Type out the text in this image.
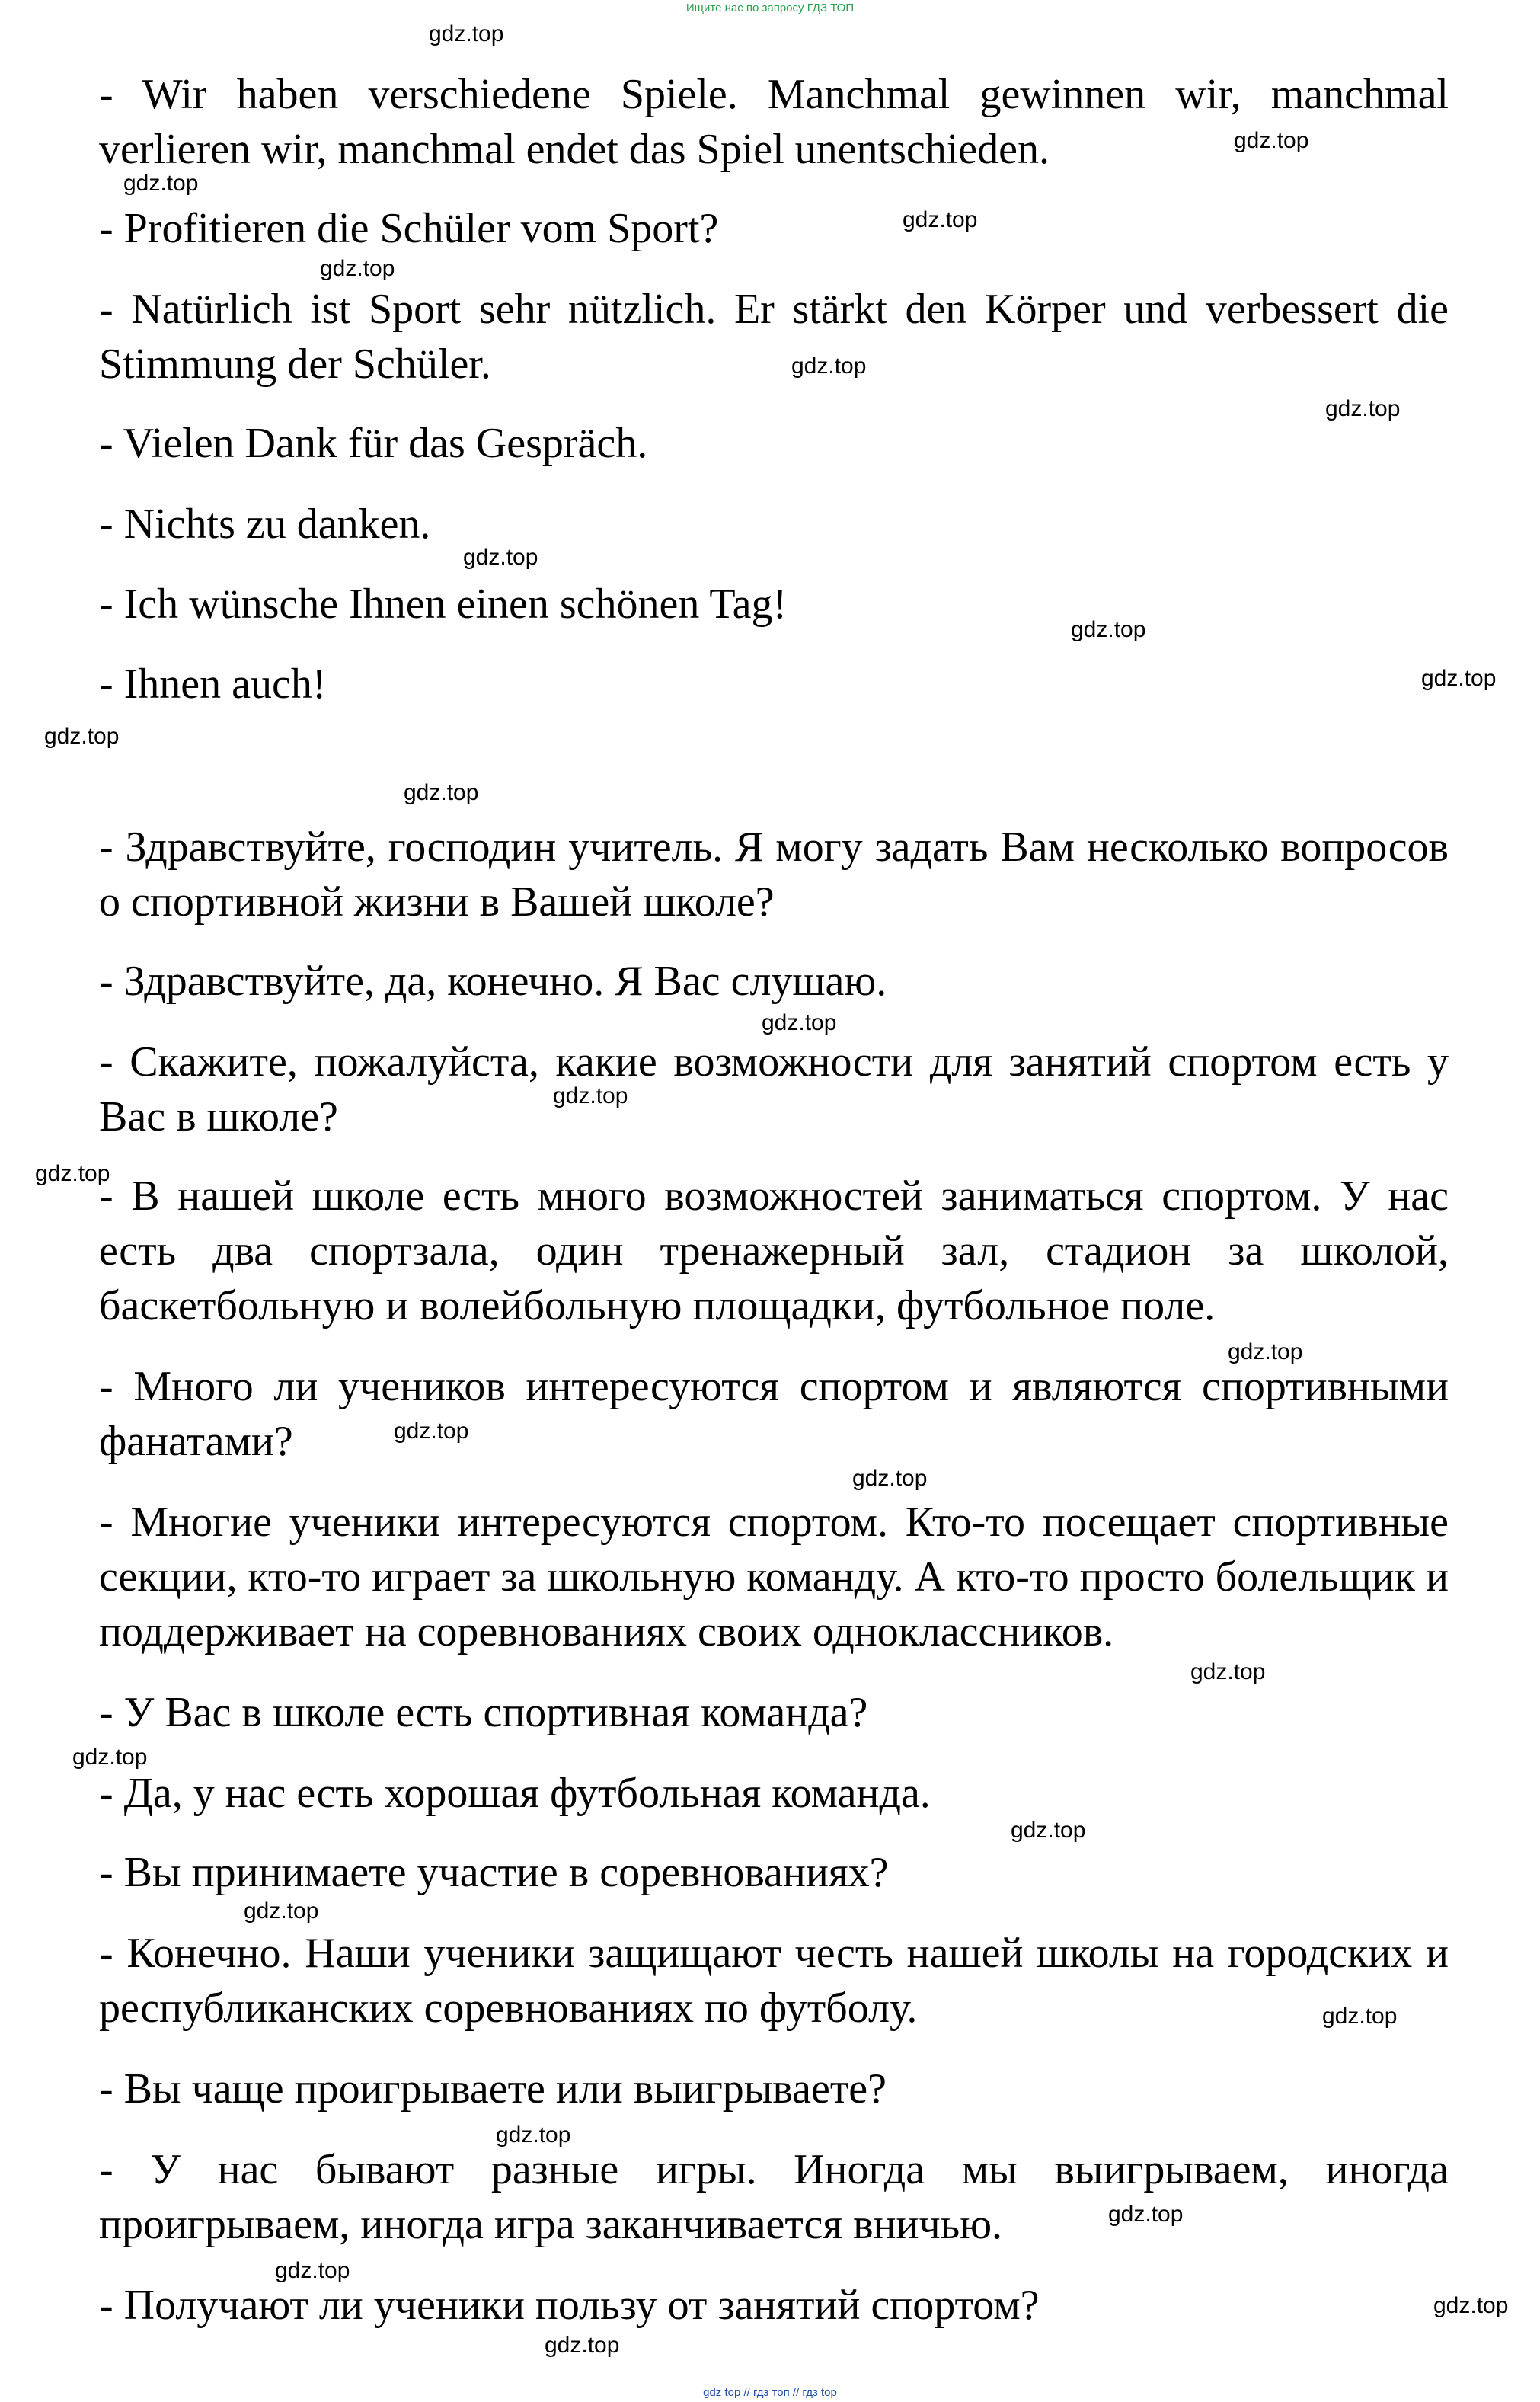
Ищите нас по запросу ГДЗ ТОП

- Wir haben verschiedene Spiele. Manchmal gewinnen wir, manchmal verlieren wir, manchmal endet das Spiel unentschieden.

- Profitieren die Schüler vom Sport?

- Natürlich ist Sport sehr nützlich. Er stärkt den Körper und verbessert die Stimmung der Schüler.

- Vielen Dank für das Gespräch.

- Nichts zu danken.

- Ich wünsche Ihnen einen schönen Tag!

- Ihnen auch!

- Здравствуйте, господин учитель. Я могу задать Вам несколько вопросов о спортивной жизни в Вашей школе?

- Здравствуйте, да, конечно. Я Вас слушаю.

- Скажите, пожалуйста, какие возможности для занятий спортом есть у Вас в школе?

- В нашей школе есть много возможностей заниматься спортом. У нас есть два спортзала, один тренажерный зал, стадион за школой, баскетбольную и волейбольную площадки, футбольное поле.

- Много ли учеников интересуются спортом и являются спортивными фанатами?

- Многие ученики интересуются спортом. Кто-то посещает спортивные секции, кто-то играет за школьную команду. А кто-то просто болельщик и поддерживает на соревнованиях своих одноклассников.

- У Вас в школе есть спортивная команда?

- Да, у нас есть хорошая футбольная команда.

- Вы принимаете участие в соревнованиях?

- Конечно. Наши ученики защищают честь нашей школы на городских и республиканских соревнованиях по футболу.

- Вы чаще проигрываете или выигрываете?

- У нас бывают разные игры. Иногда мы выигрываем, иногда проигрываем, иногда игра заканчивается вничью.

- Получают ли ученики пользу от занятий спортом?

gdz.top
gdz.top
gdz.top
gdz.top
gdz.top
gdz.top
gdz.top
gdz.top
gdz.top
gdz.top
gdz.top
gdz.top
gdz.top
gdz.top
gdz.top
gdz.top
gdz.top
gdz.top
gdz.top
gdz.top
gdz.top
gdz.top
gdz.top
gdz.top
gdz.top
gdz.top
gdz.top
gdz.top
gdz top // гдз топ // гдз top
